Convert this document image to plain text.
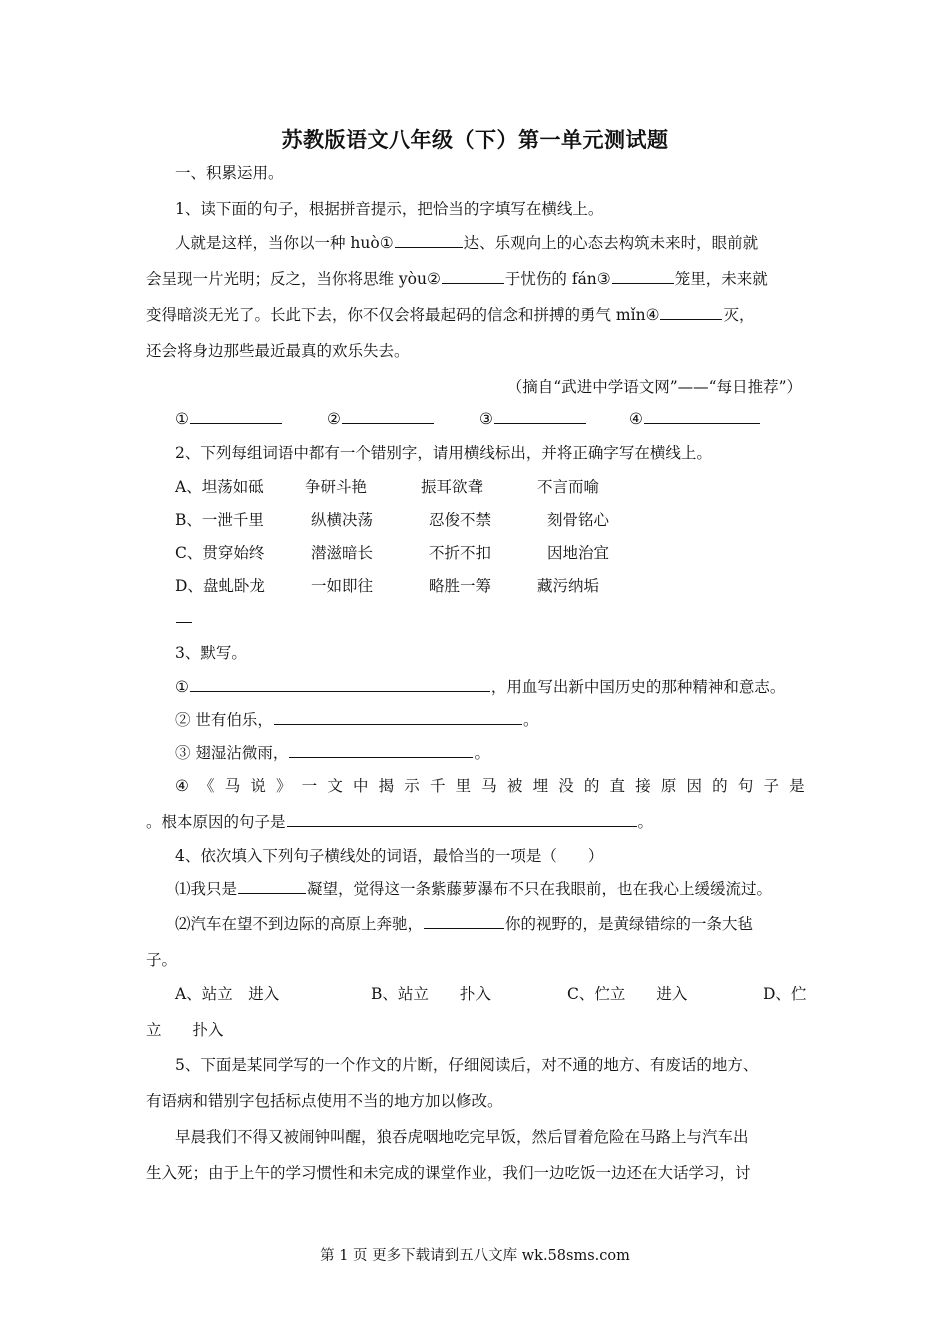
苏教版语文八年级（下）第一单元测试题
一、积累运用。
1、读下面的句子，根据拼音提示，把恰当的字填写在横线上。
人就是这样，当你以一种 huò①	达、乐观向上的心态去构筑未来时，眼前就
会呈现一片光明；反之，当你将思维 yòu②	于忧伤的 fán③	笼里，未来就
变得暗淡无光了。长此下去，你不仅会将最起码的信念和拼搏的勇气 mǐn④	灭，
还会将身边那些最近最真的欢乐失去。
（摘自“武进中学语文网”——“每日推荐”）
①	②	③	④
2、下列每组词语中都有一个错别字，请用横线标出，并将正确字写在横线上。
A、坦荡如砥	争研斗艳	振耳欲聋	不言而喻
B、一泄千里	纵横决荡	忍俊不禁	刻骨铭心
C、贯穿始终	潜滋暗长	不折不扣	因地治宜
D、盘虬卧龙	一如即往	略胜一筹	藏污纳垢
3、默写。
①	，用血写出新中国历史的那种精神和意志。
② 世有伯乐，	。
③ 翅湿沾微雨，	。
④ 《 马 说 》 一 文 中 揭 示 千 里 马 被 埋 没 的 直 接 原 因 的 句 子 是
。根本原因的句子是	。
4、依次填入下列句子横线处的词语，最恰当的一项是（　　）
⑴我只是	凝望，觉得这一条紫藤萝瀑布不只在我眼前，也在我心上缓缓流过。
⑵汽车在望不到边际的高原上奔驰，	你的视野的，是黄绿错综的一条大毡
子。
A、站立　进入	B、站立　　扑入	C、伫立　　进入	D、伫
立　　扑入
5、下面是某同学写的一个作文的片断，仔细阅读后，对不通的地方、有废话的地方、
有语病和错别字包括标点使用不当的地方加以修改。
早晨我们不得又被闹钟叫醒，狼吞虎咽地吃完早饭，然后冒着危险在马路上与汽车出
生入死；由于上午的学习惯性和未完成的课堂作业，我们一边吃饭一边还在大话学习，讨
第 1 页 更多下载请到五八文库 wk.58sms.com
